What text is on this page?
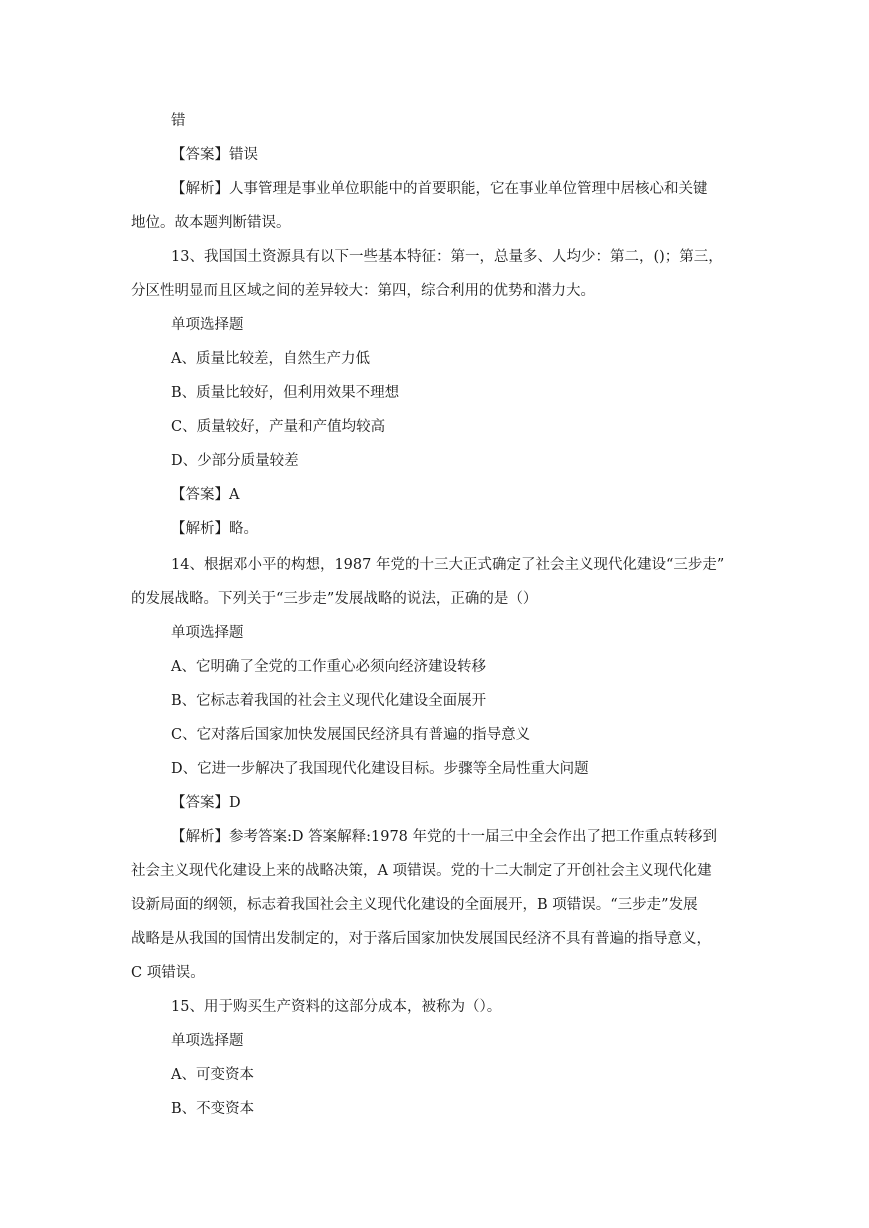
错

【答案】错误

【解析】人事管理是事业单位职能中的首要职能，它在事业单位管理中居核心和关键

地位。故本题判断错误。

13、我国国土资源具有以下一些基本特征：第一，总量多、人均少：第二，()；第三，

分区性明显而且区域之间的差异较大：第四，综合利用的优势和潜力大。

单项选择题

A、质量比较差，自然生产力低

B、质量比较好，但利用效果不理想

C、质量较好，产量和产值均较高

D、少部分质量较差

【答案】A

【解析】略。

14、根据邓小平的构想，1987 年党的十三大正式确定了社会主义现代化建设“三步走”

的发展战略。下列关于“三步走”发展战略的说法，正确的是（）

单项选择题

A、它明确了全党的工作重心必须向经济建设转移

B、它标志着我国的社会主义现代化建设全面展开

C、它对落后国家加快发展国民经济具有普遍的指导意义

D、它进一步解决了我国现代化建设目标。步骤等全局性重大问题

【答案】D

【解析】参考答案:D 答案解释:1978 年党的十一届三中全会作出了把工作重点转移到

社会主义现代化建设上来的战略决策，A 项错误。党的十二大制定了开创社会主义现代化建

设新局面的纲领，标志着我国社会主义现代化建设的全面展开，B 项错误。“三步走”发展

战略是从我国的国情出发制定的，对于落后国家加快发展国民经济不具有普遍的指导意义，

C 项错误。

15、用于购买生产资料的这部分成本，被称为（）。

单项选择题

A、可变资本

B、不变资本
